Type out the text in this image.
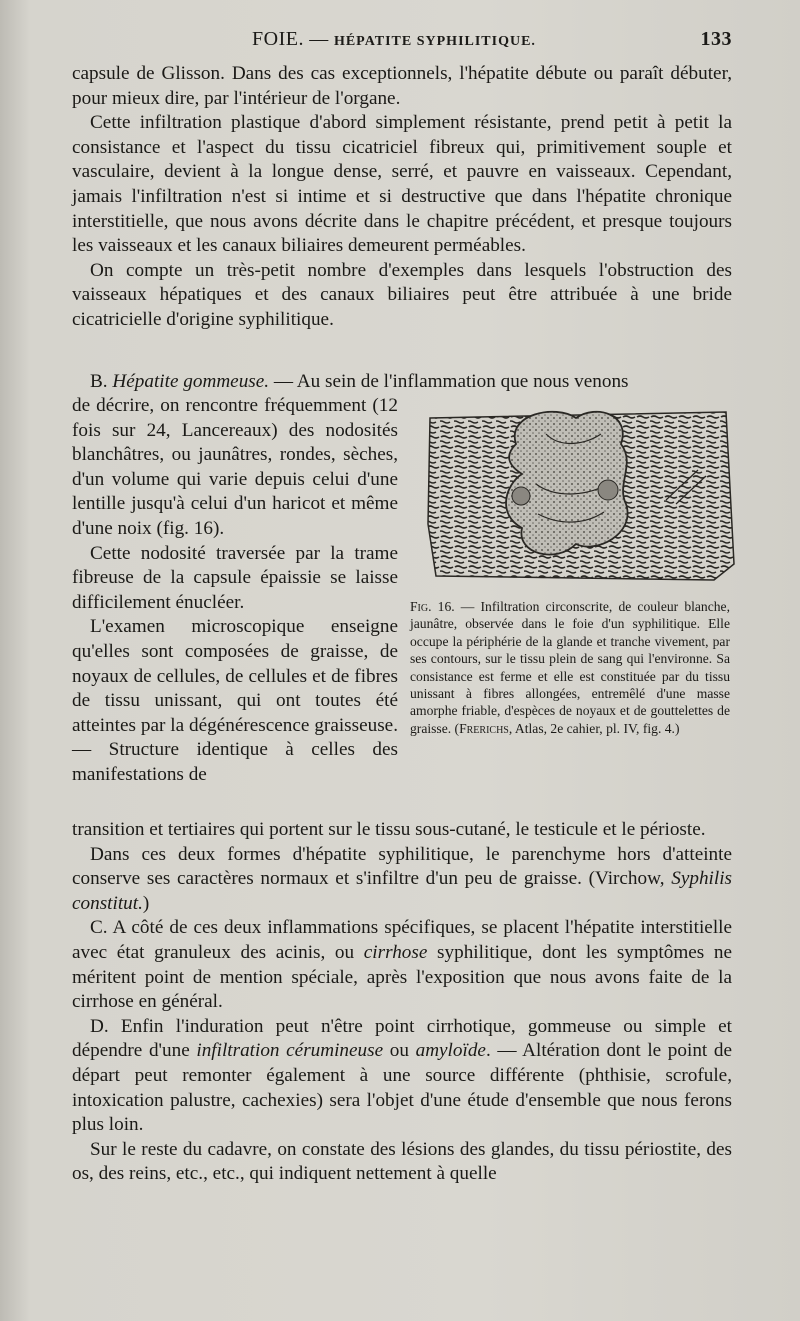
FOIE. — HÉPATITE SYPHILITIQUE.	133

capsule de Glisson. Dans des cas exceptionnels, l'hépatite débute ou paraît débuter, pour mieux dire, par l'intérieur de l'organe.

Cette infiltration plastique d'abord simplement résistante, prend petit à petit la consistance et l'aspect du tissu cicatriciel fibreux qui, primitivement souple et vasculaire, devient à la longue dense, serré, et pauvre en vaisseaux. Cependant, jamais l'infiltration n'est si intime et si destructive que dans l'hépatite chronique interstitielle, que nous avons décrite dans le chapitre précédent, et presque toujours les vaisseaux et les canaux biliaires demeurent perméables.

On compte un très-petit nombre d'exemples dans lesquels l'obstruction des vaisseaux hépatiques et des canaux biliaires peut être attribuée à une bride cicatricielle d'origine syphilitique.

B. Hépatite gommeuse. — Au sein de l'inflammation que nous venons

de décrire, on rencontre fréquemment (12 fois sur 24, Lancereaux) des nodosités blanchâtres, ou jaunâtres, rondes, sèches, d'un volume qui varie depuis celui d'une lentille jusqu'à celui d'un haricot et même d'une noix (fig. 16).

Cette nodosité traversée par la trame fibreuse de la capsule épaissie se laisse difficilement énucléer.

L'examen microscopique enseigne qu'elles sont composées de graisse, de noyaux de cellules, de cellules et de fibres de tissu unissant, qui ont toutes été atteintes par la dégénérescence graisseuse. — Structure identique à celles des manifestations de

Fig. 16. — Infiltration circonscrite, de couleur blanche, jaunâtre, observée dans le foie d'un syphilitique. Elle occupe la périphérie de la glande et tranche vivement, par ses contours, sur le tissu plein de sang qui l'environne. Sa consistance est ferme et elle est constituée par du tissu unissant à fibres allongées, entremêlé d'une masse amorphe friable, d'espèces de noyaux et de gouttelettes de graisse. (Frerichs, Atlas, 2e cahier, pl. IV, fig. 4.)

transition et tertiaires qui portent sur le tissu sous-cutané, le testicule et le périoste.

Dans ces deux formes d'hépatite syphilitique, le parenchyme hors d'atteinte conserve ses caractères normaux et s'infiltre d'un peu de graisse. (Virchow, Syphilis constitut.)

C. A côté de ces deux inflammations spécifiques, se placent l'hépatite interstitielle avec état granuleux des acinis, ou cirrhose syphilitique, dont les symptômes ne méritent point de mention spéciale, après l'exposition que nous avons faite de la cirrhose en général.

D. Enfin l'induration peut n'être point cirrhotique, gommeuse ou simple et dépendre d'une infiltration cérumineuse ou amyloïde. — Altération dont le point de départ peut remonter également à une source différente (phthisie, scrofule, intoxication palustre, cachexies) sera l'objet d'une étude d'ensemble que nous ferons plus loin.

Sur le reste du cadavre, on constate des lésions des glandes, du tissu périostite, des os, des reins, etc., etc., qui indiquent nettement à quelle
